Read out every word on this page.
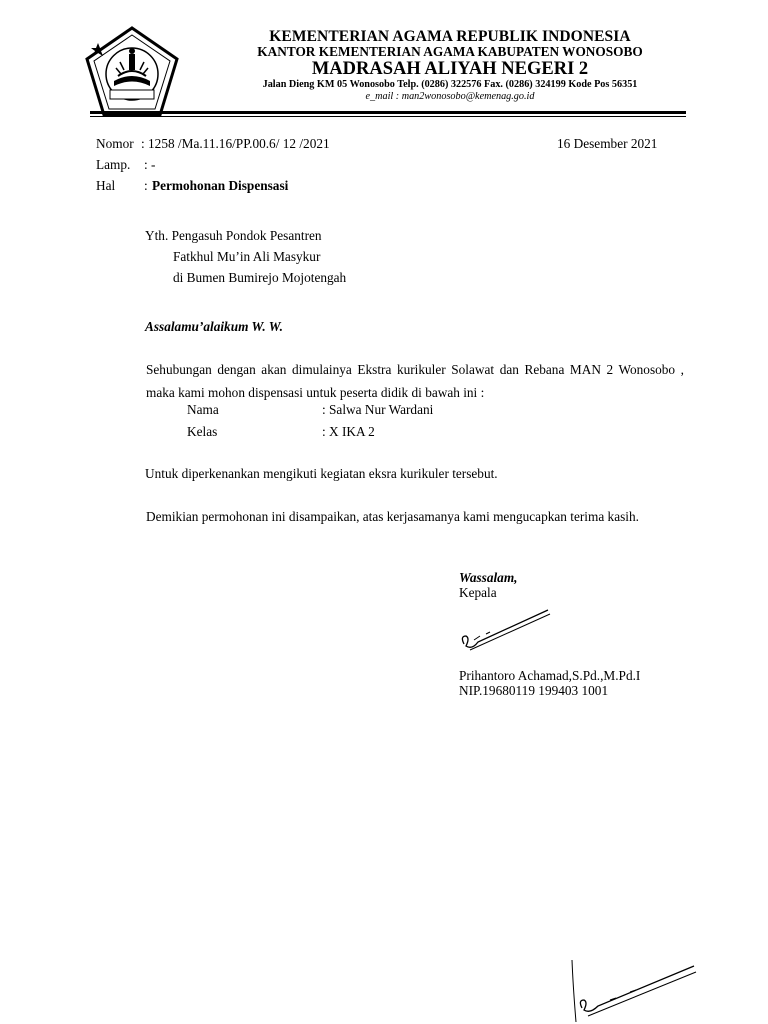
KEMENTERIAN AGAMA REPUBLIK INDONESIA
KANTOR KEMENTERIAN AGAMA KABUPATEN WONOSOBO
MADRASAH ALIYAH NEGERI 2
Jalan Dieng KM 05 Wonosobo Telp. (0286) 322576 Fax. (0286) 324199 Kode Pos 56351
e_mail : man2wonosobo@kemenag.go.id
Nomor : 1258 /Ma.11.16/PP.00.6/ 12 /2021	16 Desember 2021
Lamp. : -
Hal : Permohonan Dispensasi
Yth. Pengasuh Pondok Pesantren
Fatkhul Mu’in Ali Masykur
di Bumen Bumirejo Mojotengah
Assalamu’alaikum W. W.
Sehubungan dengan akan dimulainya Ekstra kurikuler Solawat dan Rebana MAN 2 Wonosobo , maka kami mohon dispensasi untuk peserta didik di bawah ini :
Nama	: Salwa Nur Wardani
Kelas	: X IKA 2
Untuk diperkenankan mengikuti kegiatan eksra kurikuler tersebut.
Demikian permohonan ini disampaikan, atas kerjasamanya kami mengucapkan terima kasih.
Wassalam,
Kepala
Prihantoro Achamad,S.Pd.,M.Pd.I
NIP.19680119 199403 1001
